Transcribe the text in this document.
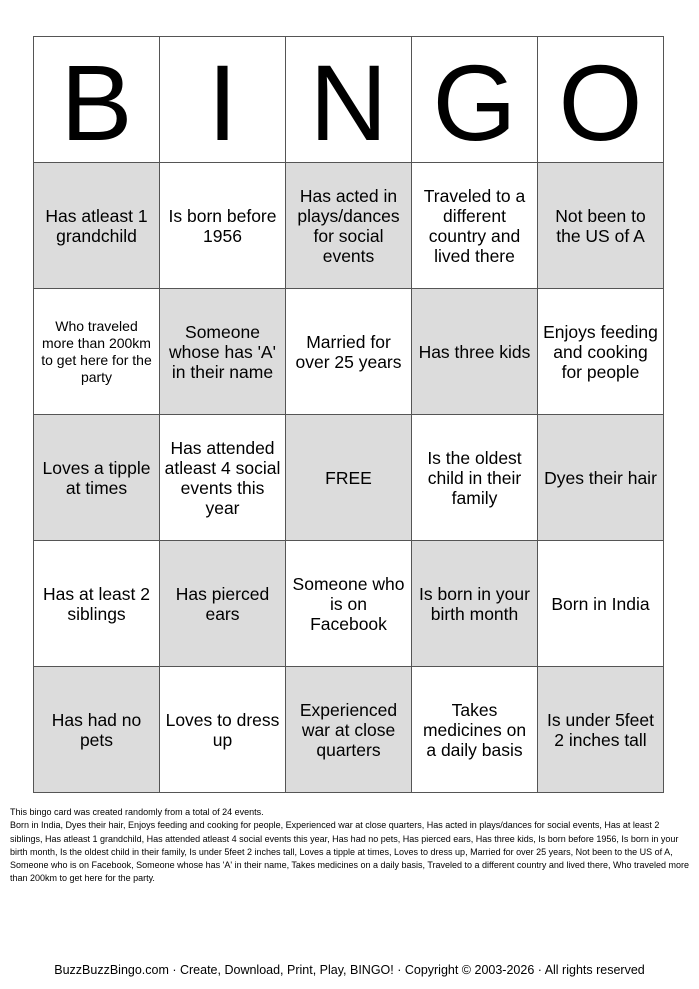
B	I	N	G	O
Has atleast 1 grandchild	Is born before 1956	Has acted in plays/dances for social events	Traveled to a different country and lived there	Not been to the US of A
Who traveled more than 200km to get here for the party	Someone whose has 'A' in their name	Married for over 25 years	Has three kids	Enjoys feeding and cooking for people
Loves a tipple at times	Has attended atleast 4 social events this year	FREE	Is the oldest child in their family	Dyes their hair
Has at least 2 siblings	Has pierced ears	Someone who is on Facebook	Is born in your birth month	Born in India
Has had no pets	Loves to dress up	Experienced war at close quarters	Takes medicines on a daily basis	Is under 5feet 2 inches tall

This bingo card was created randomly from a total of 24 events.

Born in India, Dyes their hair, Enjoys feeding and cooking for people, Experienced war at close quarters, Has acted in plays/dances for social events, Has at least 2 siblings, Has atleast 1 grandchild, Has attended atleast 4 social events this year, Has had no pets, Has pierced ears, Has three kids, Is born before 1956, Is born in your birth month, Is the oldest child in their family, Is under 5feet 2 inches tall, Loves a tipple at times, Loves to dress up, Married for over 25 years, Not been to the US of A, Someone who is on Facebook, Someone whose has 'A' in their name, Takes medicines on a daily basis, Traveled to a different country and lived there, Who traveled more than 200km to get here for the party.

BuzzBuzzBingo.com · Create, Download, Print, Play, BINGO! · Copyright © 2003-2026 · All rights reserved
